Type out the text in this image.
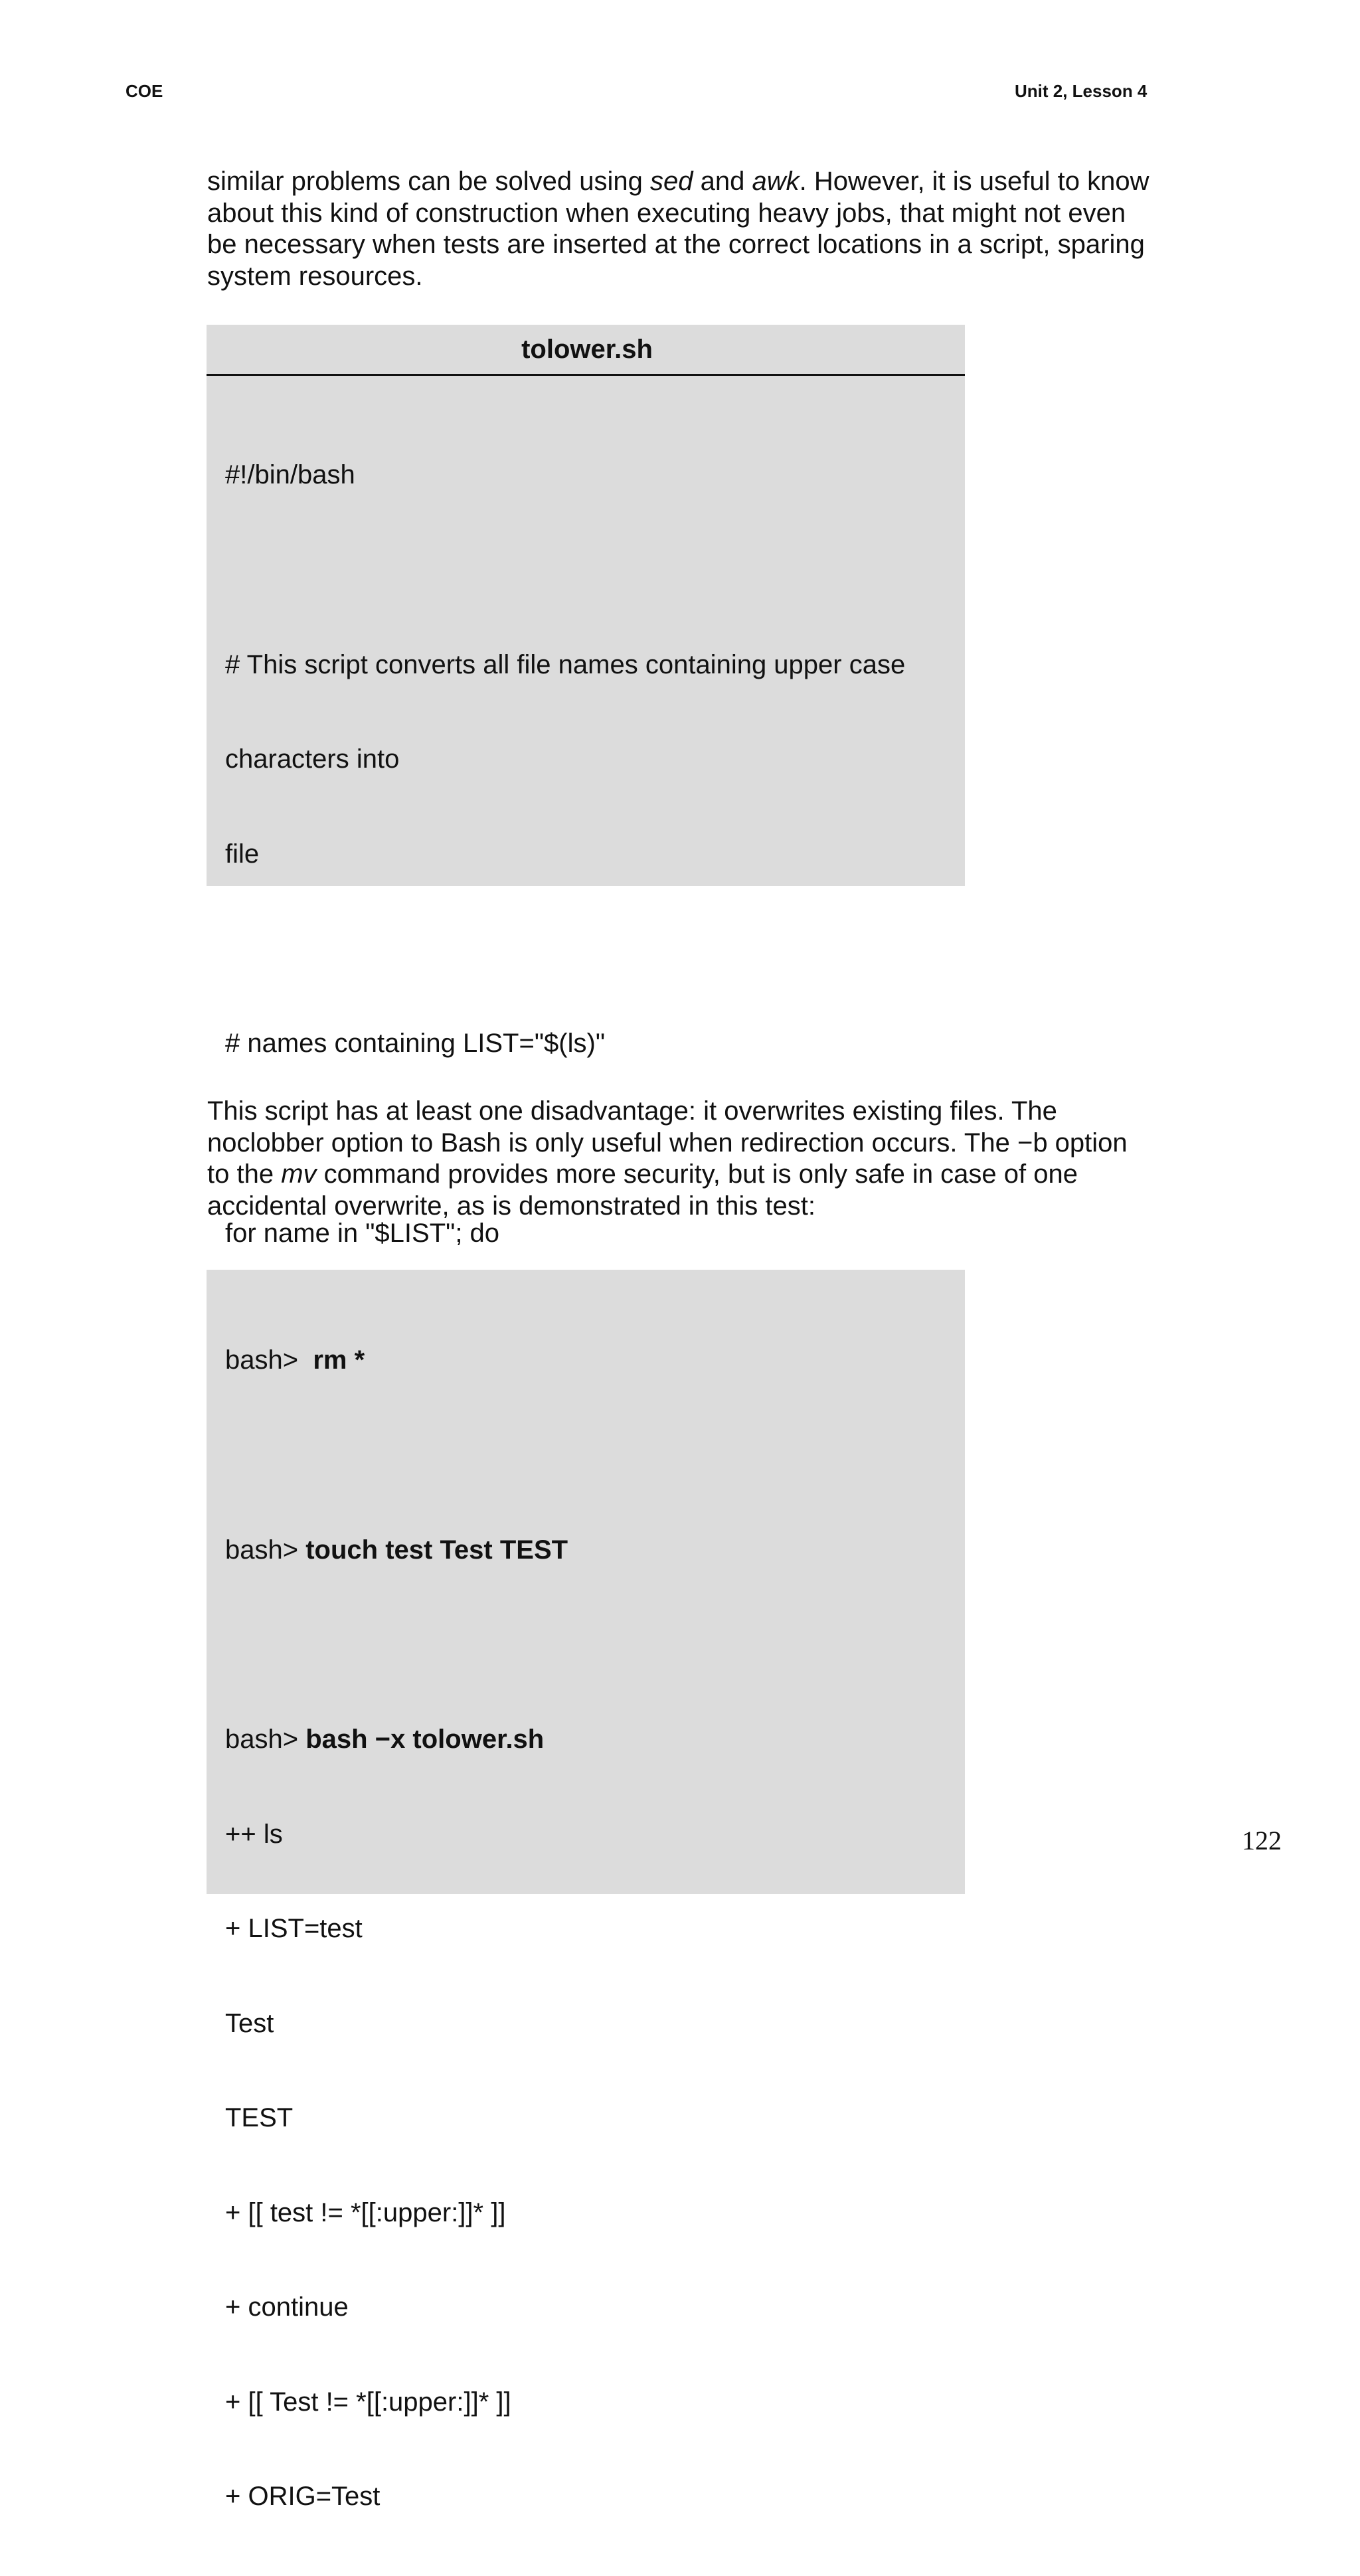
COE	Unit 2, Lesson 4

similar problems can be solved using sed and awk. However, it is useful to know about this kind of construction when executing heavy jobs, that might not even be necessary when tests are inserted at the correct locations in a script, sparing system resources.

tolower.sh

#!/bin/bash

# This script converts all file names containing upper case

characters into

file

# names containing LIST="$(ls)"

for name in "$LIST"; do

This script has at least one disadvantage: it overwrites existing files. The noclobber option to Bash is only useful when redirection occurs. The −b option to the mv command provides more security, but is only safe in case of one accidental overwrite, as is demonstrated in this test:

bash> rm *

bash> touch test Test TEST

bash> bash −x tolower.sh

++ ls

+ LIST=test

Test

TEST

+ [[ test != *[[:upper:]]* ]]

+ continue

+ [[ Test != *[[:upper:]]* ]]

+ ORIG=Test

122
